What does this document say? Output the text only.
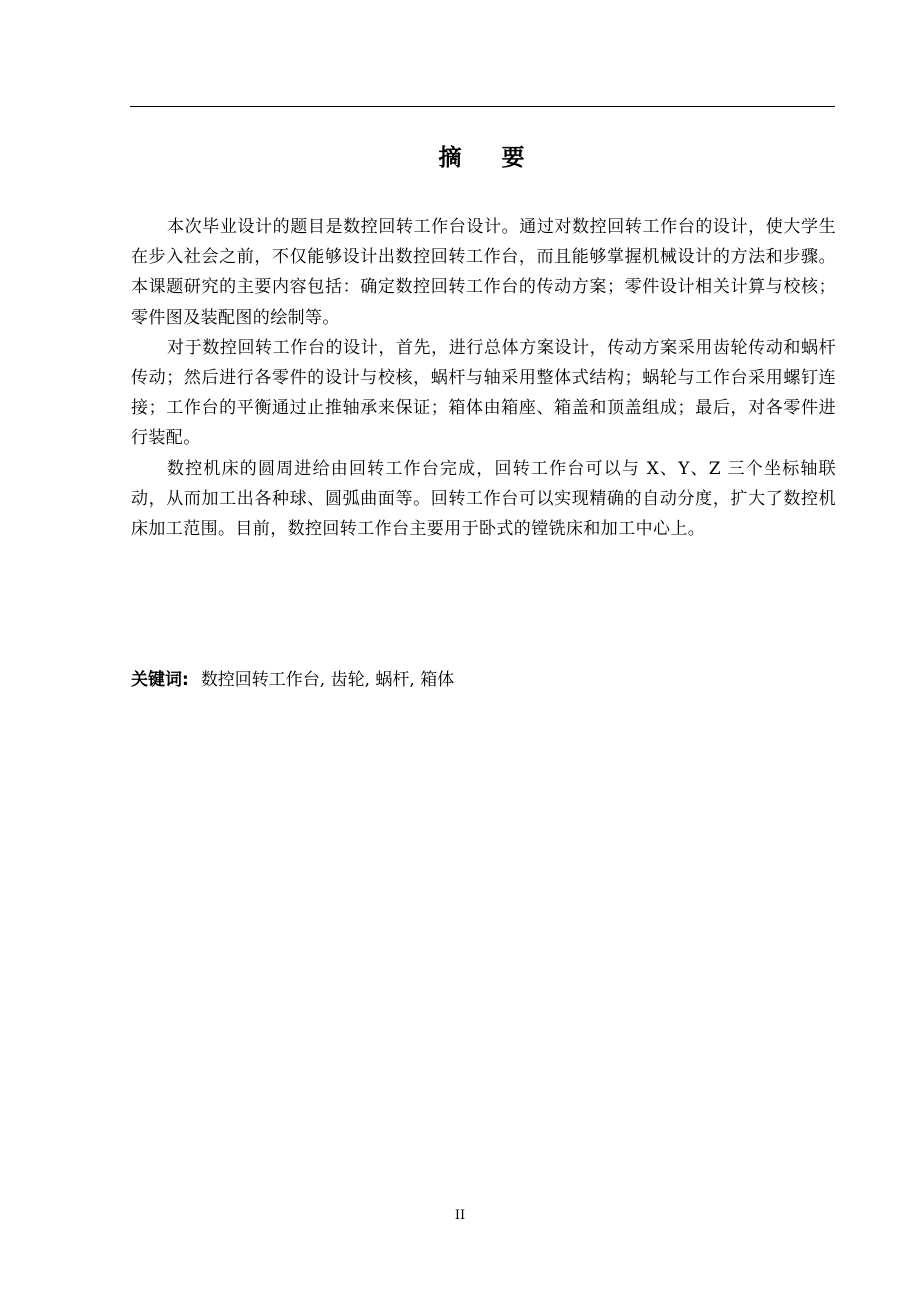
摘 要

本次毕业设计的题目是数控回转工作台设计。通过对数控回转工作台的设计，使大学生在步入社会之前，不仅能够设计出数控回转工作台，而且能够掌握机械设计的方法和步骤。本课题研究的主要内容包括：确定数控回转工作台的传动方案；零件设计相关计算与校核；零件图及装配图的绘制等。

对于数控回转工作台的设计，首先，进行总体方案设计，传动方案采用齿轮传动和蜗杆传动；然后进行各零件的设计与校核，蜗杆与轴采用整体式结构；蜗轮与工作台采用螺钉连接；工作台的平衡通过止推轴承来保证；箱体由箱座、箱盖和顶盖组成；最后，对各零件进行装配。

数控机床的圆周进给由回转工作台完成，回转工作台可以与 X、Y、Z 三个坐标轴联动，从而加工出各种球、圆弧曲面等。回转工作台可以实现精确的自动分度，扩大了数控机床加工范围。目前，数控回转工作台主要用于卧式的镗铣床和加工中心上。

关键词: 数控回转工作台, 齿轮, 蜗杆, 箱体
II
